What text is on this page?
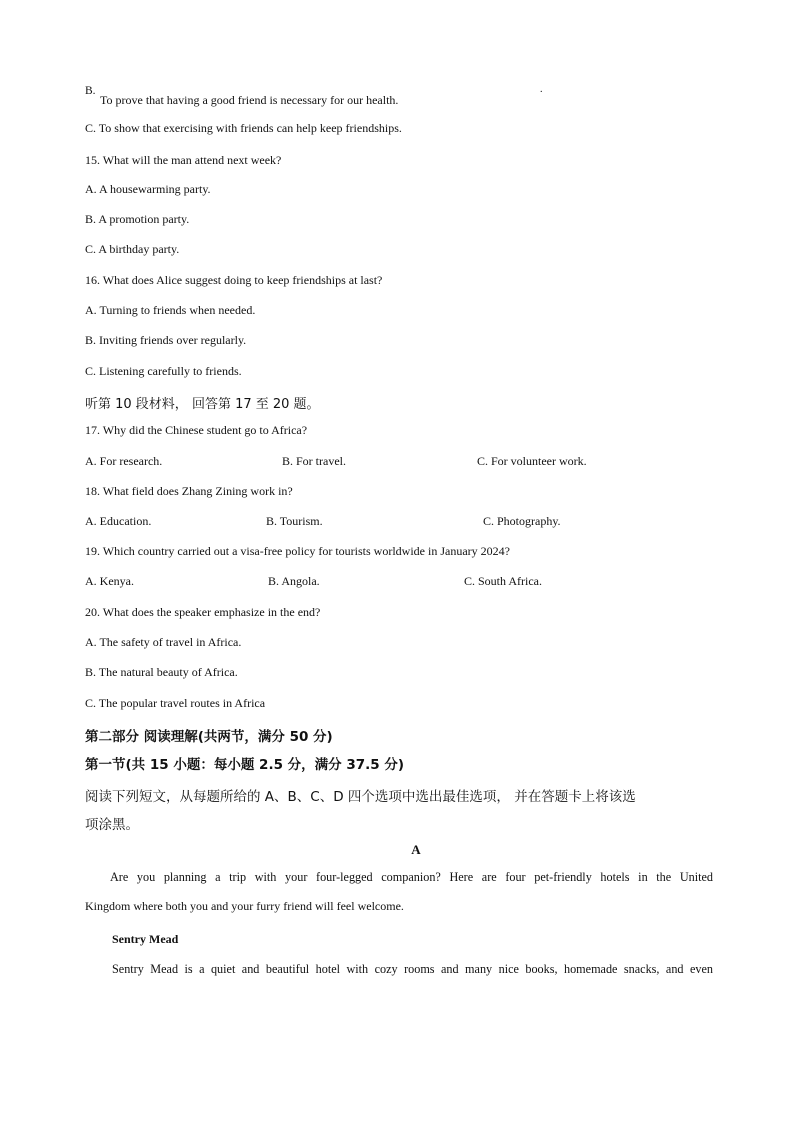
.
B.
To prove that having a good friend is necessary for our health.
C. To show that exercising with friends can help keep friendships.
15. What will the man attend next week?
A. A housewarming party.
B. A promotion party.
C. A birthday party.
16. What does Alice suggest doing to keep friendships at last?
A. Turning to friends when needed.
B. Inviting friends over regularly.
C. Listening carefully to friends.
听第 10 段材料， 回答第 17 至 20 题。
17. Why did the Chinese student go to Africa?
A. For research.	B. For travel.	C. For volunteer work.
18. What field does Zhang Zining work in?
A. Education.	B. Tourism.	C. Photography.
19. Which country carried out a visa-free policy for tourists worldwide in January 2024?
A. Kenya.	B. Angola.	C. South Africa.
20. What does the speaker emphasize in the end?
A. The safety of travel in Africa.
B. The natural beauty of Africa.
C. The popular travel routes in Africa
第二部分 阅读理解(共两节，满分 50 分)
第一节(共 15 小题：每小题 2.5 分，满分 37.5 分)
阅读下列短文，从每题所给的 A、B、C、D 四个选项中选出最佳选项， 并在答题卡上将该选
项涂黑。
A
Are you planning a trip with your four-legged companion? Here are four pet-friendly hotels in the United
Kingdom where both you and your furry friend will feel welcome.
Sentry Mead
Sentry Mead is a quiet and beautiful hotel with cozy rooms and many nice books, homemade snacks, and even
